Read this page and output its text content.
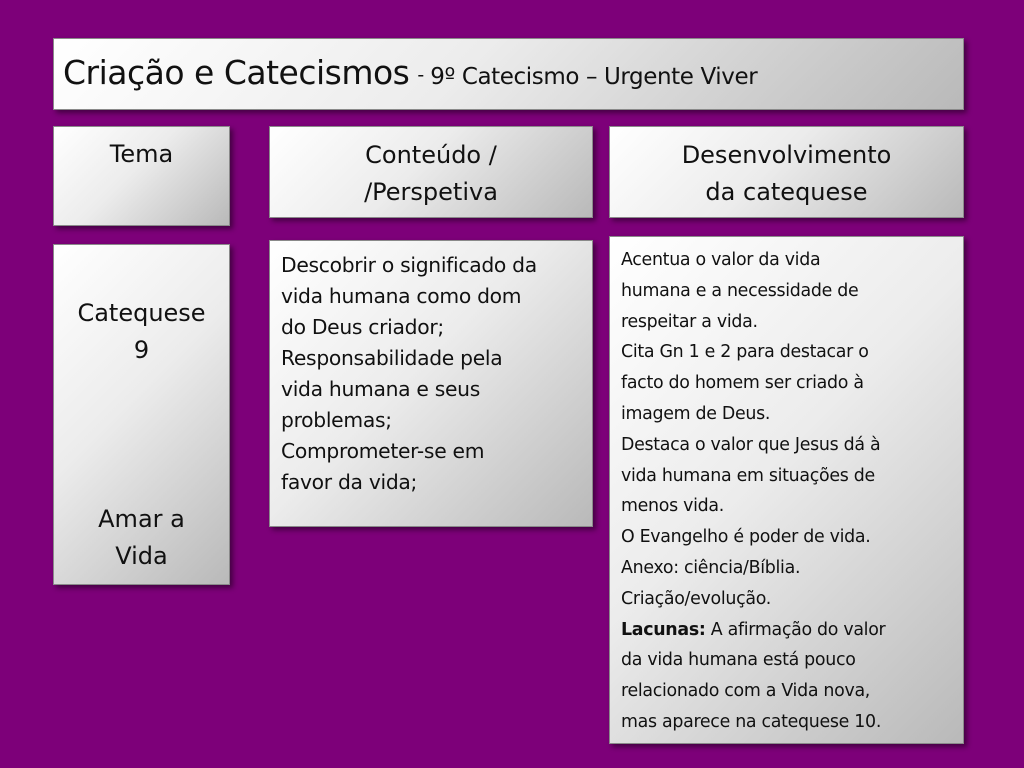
Criação e Catecismos - 9º Catecismo – Urgente Viver
Tema	Conteúdo /
/Perspetiva
Desenvolvimento
da catequese
Catequese
9
Amar a
Vida
Descobrir o significado da
vida humana como dom
do Deus criador;
Responsabilidade pela
vida humana e seus
problemas;
Comprometer-se em
favor da vida;
Acentua o valor da vida
humana e a necessidade de
respeitar a vida.
Cita Gn 1 e 2 para destacar o
facto do homem ser criado à
imagem de Deus.
Destaca o valor que Jesus dá à
vida humana em situações de
menos vida.
O Evangelho é poder de vida.
Anexo: ciência/Bíblia.
Criação/evolução.
Lacunas: A afirmação do valor
da vida humana está pouco
relacionado com a Vida nova,
mas aparece na catequese 10.
